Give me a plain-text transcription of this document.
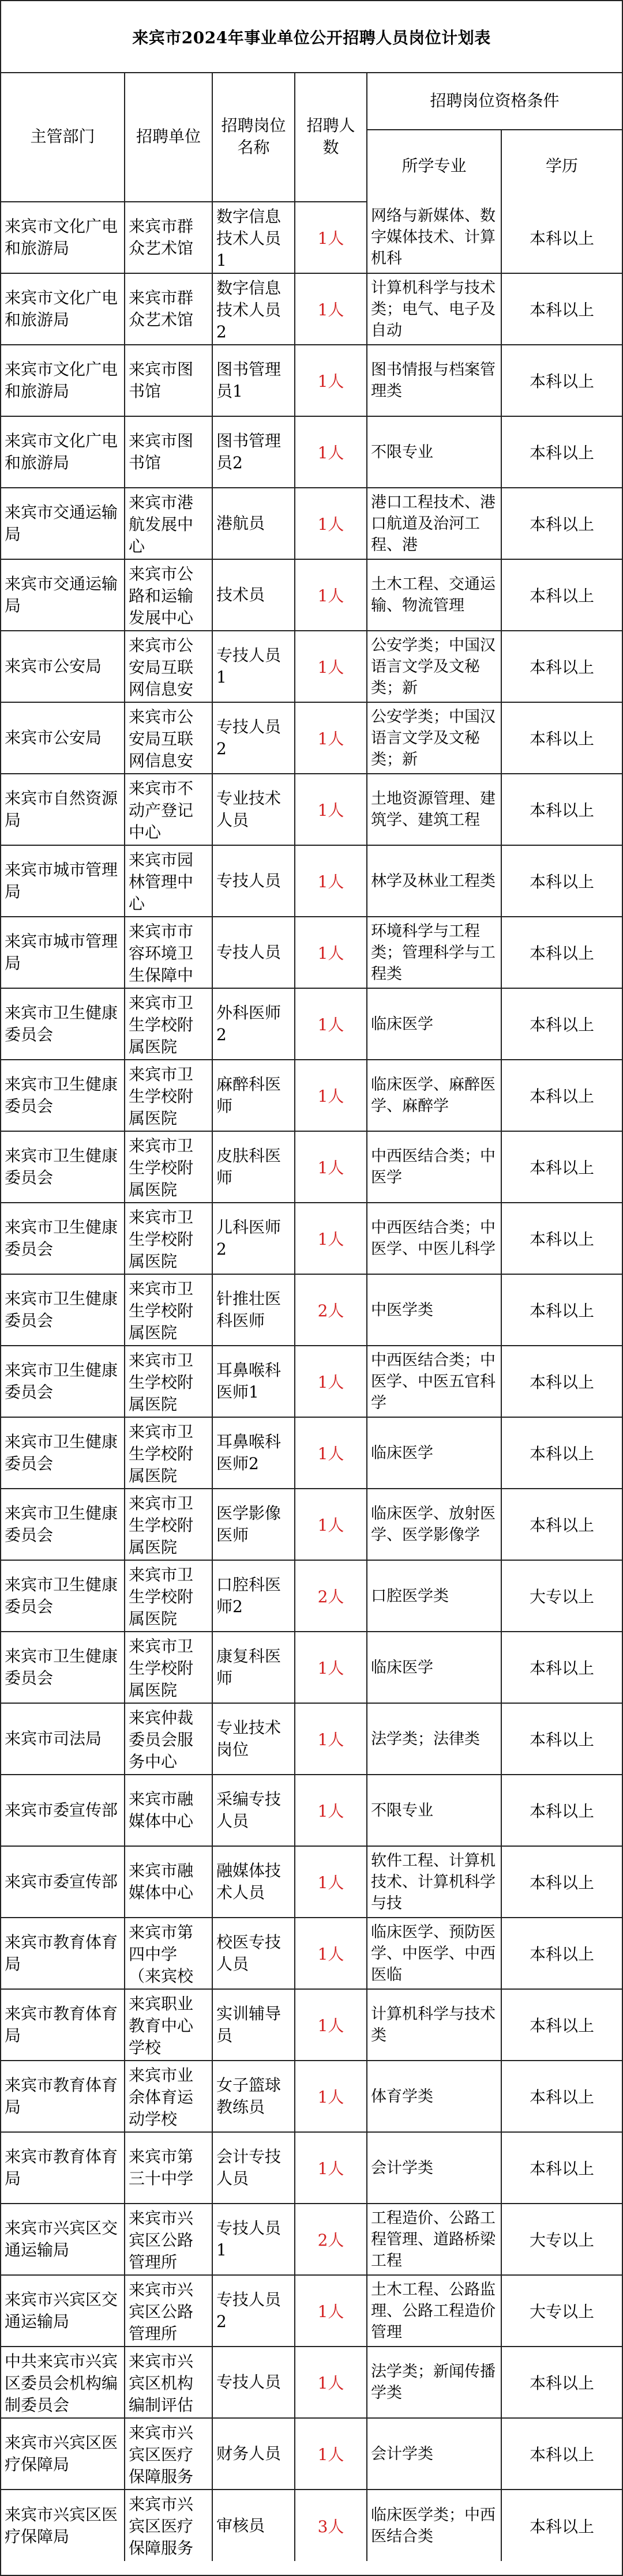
来宾市2024年事业单位公开招聘人员岗位计划表
主管部门	招聘单位	招聘岗位名称	招聘人数	招聘岗位资格条件	
				所学专业	学历

来宾市文化广电和旅游局	来宾市群众艺术馆	数字信息技术人员1	1人	网络与新媒体、数字媒体技术、计算机科	本科以上

来宾市文化广电和旅游局	来宾市群众艺术馆	数字信息技术人员2	1人	计算机科学与技术类；电气、电子及自动	本科以上

来宾市文化广电和旅游局	来宾市图书馆	图书管理员1	1人	图书情报与档案管理类	本科以上

来宾市文化广电和旅游局	来宾市图书馆	图书管理员2	1人	不限专业	本科以上

来宾市交通运输局	来宾市港航发展中心	港航员	1人	港口工程技术、港口航道及治河工程、港	本科以上

来宾市交通运输局	来宾市公路和运输发展中心	技术员	1人	土木工程、交通运输、物流管理	本科以上

来宾市公安局	来宾市公安局互联网信息安	专技人员1	1人	公安学类；中国汉语言文学及文秘类；新	本科以上

来宾市公安局	来宾市公安局互联网信息安	专技人员2	1人	公安学类；中国汉语言文学及文秘类；新	本科以上

来宾市自然资源局	来宾市不动产登记中心	专业技术人员	1人	土地资源管理、建筑学、建筑工程	本科以上

来宾市城市管理局	来宾市园林管理中心	专技人员	1人	林学及林业工程类	本科以上

来宾市城市管理局	来宾市市容环境卫生保障中	专技人员	1人	环境科学与工程类；管理科学与工程类	本科以上

来宾市卫生健康委员会	来宾市卫生学校附属医院	外科医师2	1人	临床医学	本科以上

来宾市卫生健康委员会	来宾市卫生学校附属医院	麻醉科医师	1人	临床医学、麻醉医学、麻醉学	本科以上

来宾市卫生健康委员会	来宾市卫生学校附属医院	皮肤科医师	1人	中西医结合类；中医学	本科以上

来宾市卫生健康委员会	来宾市卫生学校附属医院	儿科医师2	1人	中西医结合类；中医学、中医儿科学	本科以上

来宾市卫生健康委员会	来宾市卫生学校附属医院	针推壮医科医师	2人	中医学类	本科以上

来宾市卫生健康委员会	来宾市卫生学校附属医院	耳鼻喉科医师1	1人	中西医结合类；中医学、中医五官科学	本科以上

来宾市卫生健康委员会	来宾市卫生学校附属医院	耳鼻喉科医师2	1人	临床医学	本科以上

来宾市卫生健康委员会	来宾市卫生学校附属医院	医学影像医师	1人	临床医学、放射医学、医学影像学	本科以上

来宾市卫生健康委员会	来宾市卫生学校附属医院	口腔科医师2	2人	口腔医学类	大专以上

来宾市卫生健康委员会	来宾市卫生学校附属医院	康复科医师	1人	临床医学	本科以上

来宾市司法局	来宾仲裁委员会服务中心	专业技术岗位	1人	法学类；法律类	本科以上

来宾市委宣传部	来宾市融媒体中心	采编专技人员	1人	不限专业	本科以上

来宾市委宣传部	来宾市融媒体中心	融媒体技术人员	1人	软件工程、计算机技术、计算机科学与技	本科以上

来宾市教育体育局	来宾市第四中学（来宾校	校医专技人员	1人	临床医学、预防医学、中医学、中西医临	本科以上

来宾市教育体育局	来宾职业教育中心学校	实训辅导员	1人	计算机科学与技术类	本科以上

来宾市教育体育局	来宾市业余体育运动学校	女子篮球教练员	1人	体育学类	本科以上

来宾市教育体育局	来宾市第三十中学	会计专技人员	1人	会计学类	本科以上

来宾市兴宾区交通运输局	来宾市兴宾区公路管理所	专技人员1	2人	工程造价、公路工程管理、道路桥梁工程	大专以上

来宾市兴宾区交通运输局	来宾市兴宾区公路管理所	专技人员2	1人	土木工程、公路监理、公路工程造价管理	大专以上

中共来宾市兴宾区委员会机构编制委员会	来宾市兴宾区机构编制评估	专技人员	1人	法学类；新闻传播学类	本科以上

来宾市兴宾区医疗保障局	来宾市兴宾区医疗保障服务	财务人员	1人	会计学类	本科以上

来宾市兴宾区医疗保障局	来宾市兴宾区医疗保障服务	审核员	3人	临床医学类；中西医结合类	本科以上
